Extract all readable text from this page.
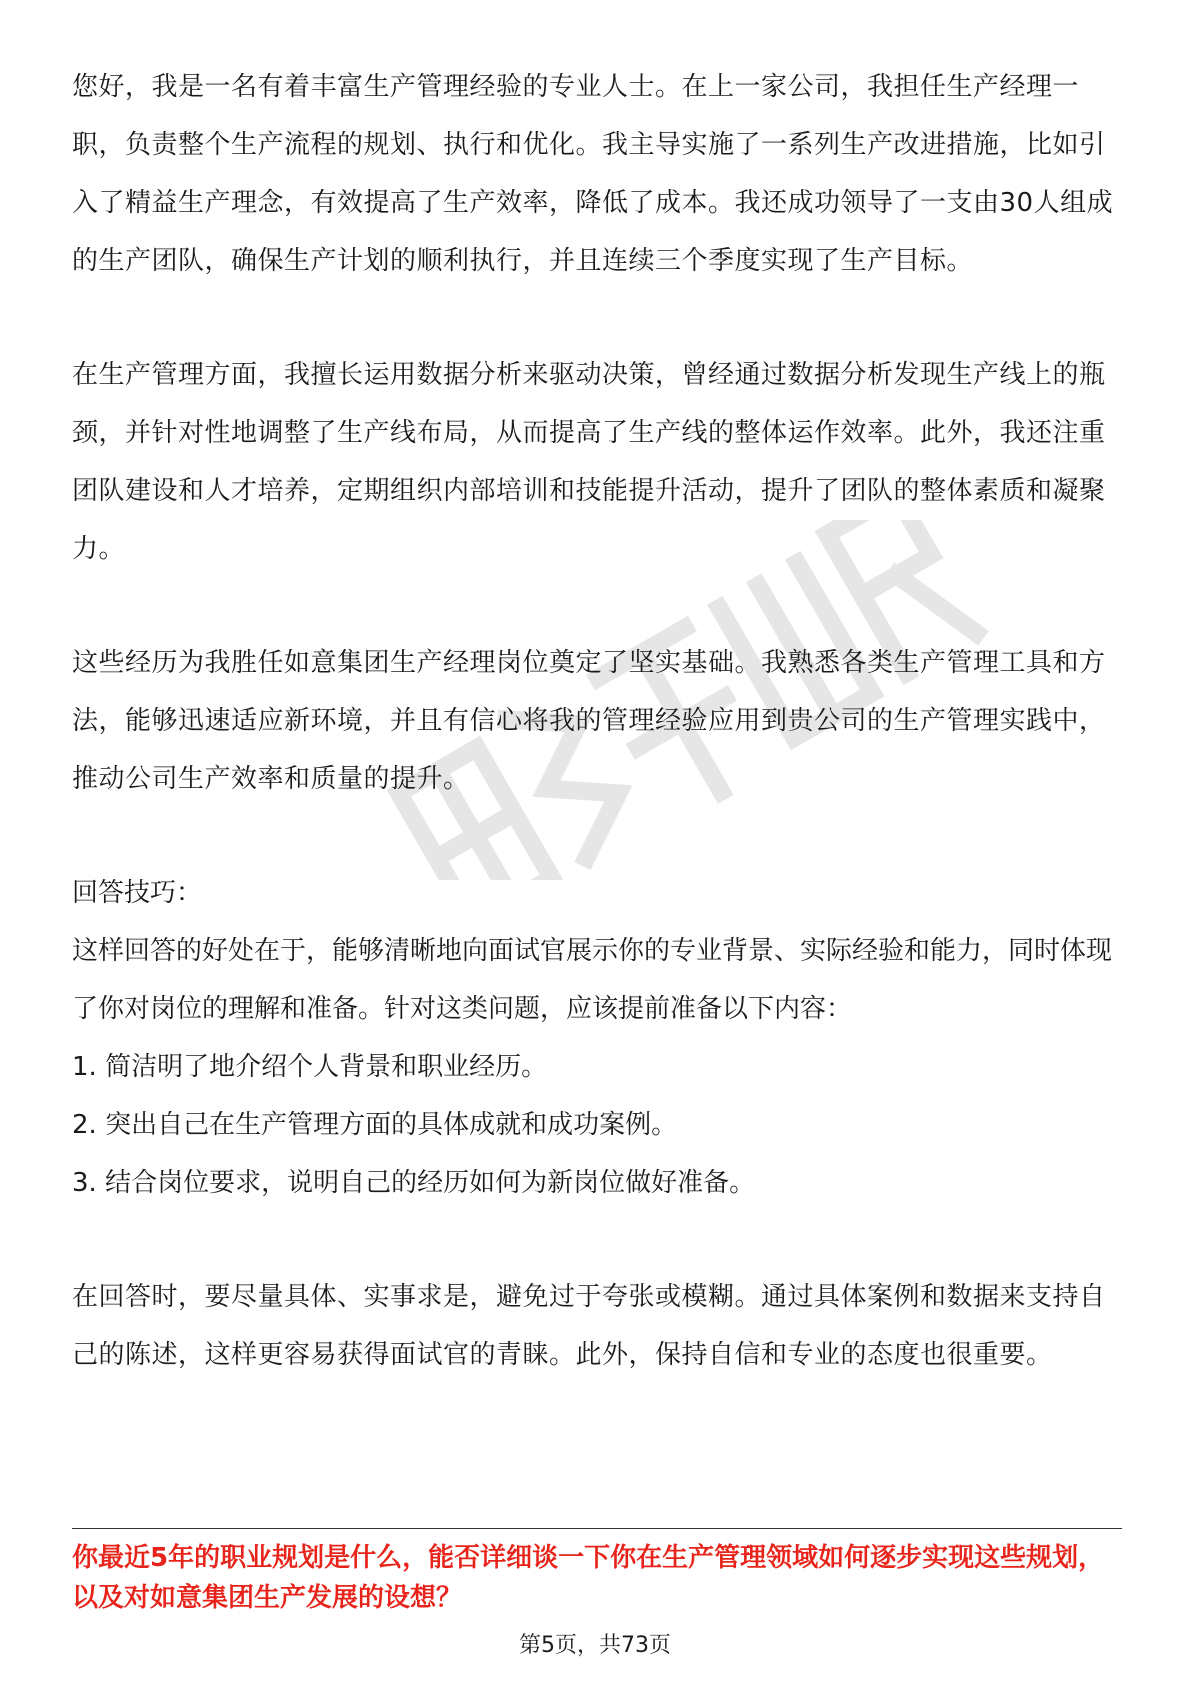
您好，我是一名有着丰富生产管理经验的专业人士。在上一家公司，我担任生产经理一职，负责整个生产流程的规划、执行和优化。我主导实施了一系列生产改进措施，比如引入了精益生产理念，有效提高了生产效率，降低了成本。我还成功领导了一支由30人组成的生产团队，确保生产计划的顺利执行，并且连续三个季度实现了生产目标。

在生产管理方面，我擅长运用数据分析来驱动决策，曾经通过数据分析发现生产线上的瓶颈，并针对性地调整了生产线布局，从而提高了生产线的整体运作效率。此外，我还注重团队建设和人才培养，定期组织内部培训和技能提升活动，提升了团队的整体素质和凝聚力。

这些经历为我胜任如意集团生产经理岗位奠定了坚实基础。我熟悉各类生产管理工具和方法，能够迅速适应新环境，并且有信心将我的管理经验应用到贵公司的生产管理实践中，推动公司生产效率和质量的提升。

回答技巧：

这样回答的好处在于，能够清晰地向面试官展示你的专业背景、实际经验和能力，同时体现了你对岗位的理解和准备。针对这类问题，应该提前准备以下内容：

1. 简洁明了地介绍个人背景和职业经历。
2. 突出自己在生产管理方面的具体成就和成功案例。
3. 结合岗位要求，说明自己的经历如何为新岗位做好准备。

在回答时，要尽量具体、实事求是，避免过于夸张或模糊。通过具体案例和数据来支持自己的陈述，这样更容易获得面试官的青睐。此外，保持自信和专业的态度也很重要。

你最近5年的职业规划是什么，能否详细谈一下你在生产管理领域如何逐步实现这些规划，以及对如意集团生产发展的设想？

第5页，共73页
